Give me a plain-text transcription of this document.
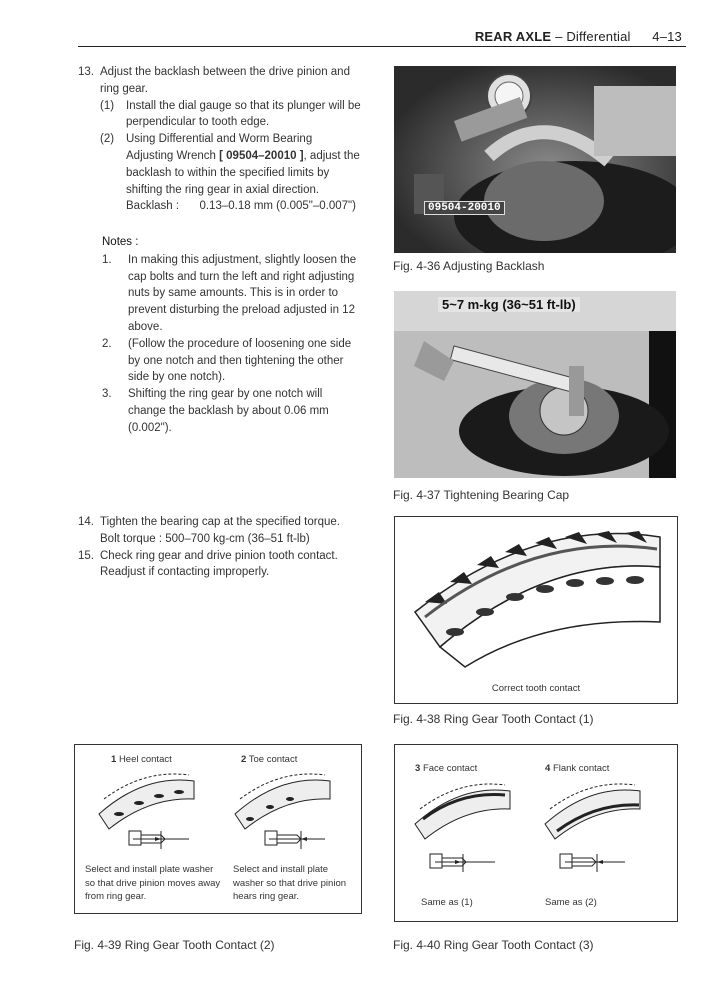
REAR AXLE – Differential 4–13
13. Adjust the backlash between the drive pinion and ring gear.
(1) Install the dial gauge so that its plunger will be perpendicular to tooth edge.
(2) Using Differential and Worm Bearing Adjusting Wrench [ 09504–20010 ], adjust the backlash to within the specified limits by shifting the ring gear in axial direction.
Backlash : 0.13–0.18 mm (0.005"–0.007")
Notes :
1. In making this adjustment, slightly loosen the cap bolts and turn the left and right adjusting nuts by same amounts. This is in order to prevent disturbing the preload adjusted in 12 above.
2. (Follow the procedure of loosening one side by one notch and then tightening the other side by one notch).
3. Shifting the ring gear by one notch will change the backlash by about 0.06 mm (0.002").
14. Tighten the bearing cap at the specified torque.
Bolt torque : 500–700 kg-cm (36–51 ft-lb)
15. Check ring gear and drive pinion tooth contact.
Readjust if contacting improperly.
09504-20010
Fig. 4-36 Adjusting Backlash
5~7 m-kg (36~51 ft-lb)
Fig. 4-37 Tightening Bearing Cap
Correct tooth contact
Fig. 4-38 Ring Gear Tooth Contact (1)
1 Heel contact	2 Toe contact
Select and install plate washer so that drive pinion moves away from ring gear.
Select and install plate washer so that drive pinion hears ring gear.
Fig. 4-39 Ring Gear Tooth Contact (2)
3 Face contact	4 Flank contact
Same as (1)	Same as (2)
Fig. 4-40 Ring Gear Tooth Contact (3)
